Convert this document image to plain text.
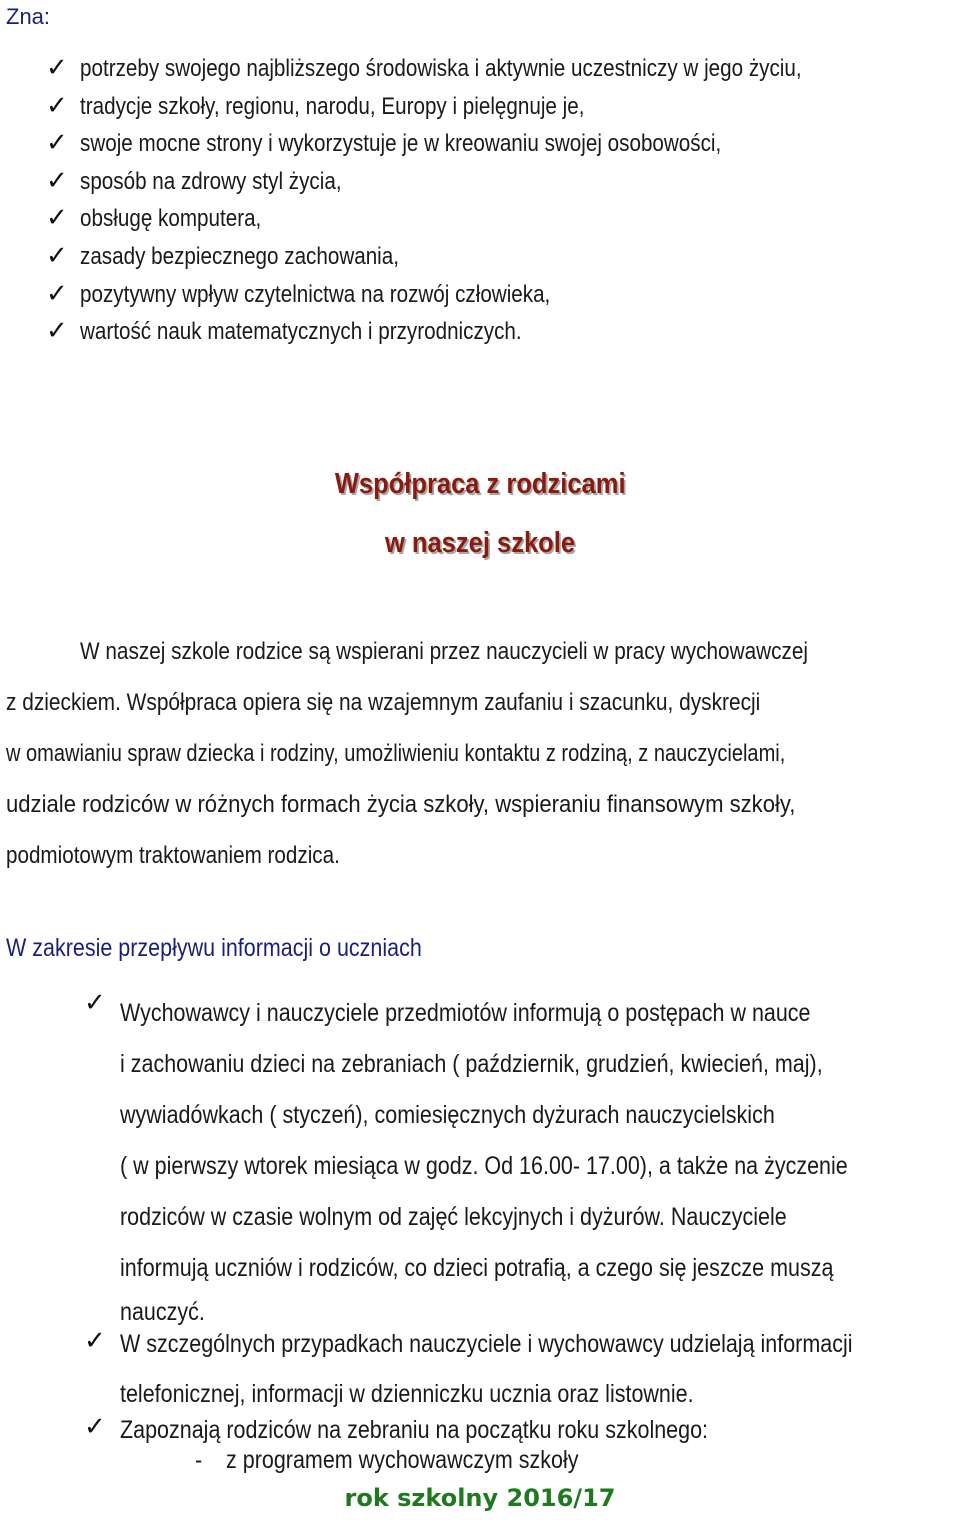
Zna:
✓ potrzeby swojego najbliższego środowiska i aktywnie uczestniczy w jego życiu,
✓ tradycje szkoły, regionu, narodu, Europy i pielęgnuje je,
✓ swoje mocne strony i wykorzystuje je w kreowaniu swojej osobowości,
✓ sposób na zdrowy styl życia,
✓ obsługę komputera,
✓ zasady bezpiecznego zachowania,
✓ pozytywny wpływ czytelnictwa na rozwój człowieka,
✓ wartość nauk matematycznych i przyrodniczych.
Współpraca z rodzicami
w naszej szkole
W naszej szkole rodzice są wspierani przez nauczycieli w pracy wychowawczej
z dzieckiem. Współpraca opiera się na wzajemnym zaufaniu i szacunku, dyskrecji
w omawianiu spraw dziecka i rodziny, umożliwieniu kontaktu z rodziną, z nauczycielami,
udziale rodziców w różnych formach życia szkoły, wspieraniu finansowym szkoły,
podmiotowym traktowaniem rodzica.
W zakresie przepływu informacji o uczniach
✓ Wychowawcy i nauczyciele przedmiotów informują o postępach w nauce
i zachowaniu dzieci na zebraniach ( październik, grudzień, kwiecień, maj),
wywiadówkach ( styczeń), comiesięcznych dyżurach nauczycielskich
( w pierwszy wtorek miesiąca w godz. Od 16.00- 17.00), a także na życzenie
rodziców w czasie wolnym od zajęć lekcyjnych i dyżurów. Nauczyciele
informują uczniów i rodziców, co dzieci potrafią, a czego się jeszcze muszą
nauczyć.
✓ W szczególnych przypadkach nauczyciele i wychowawcy udzielają informacji
telefonicznej, informacji w dzienniczku ucznia oraz listownie.
✓ Zapoznają rodziców na zebraniu na początku roku szkolnego:
-    z programem wychowawczym szkoły
rok szkolny 2016/17
